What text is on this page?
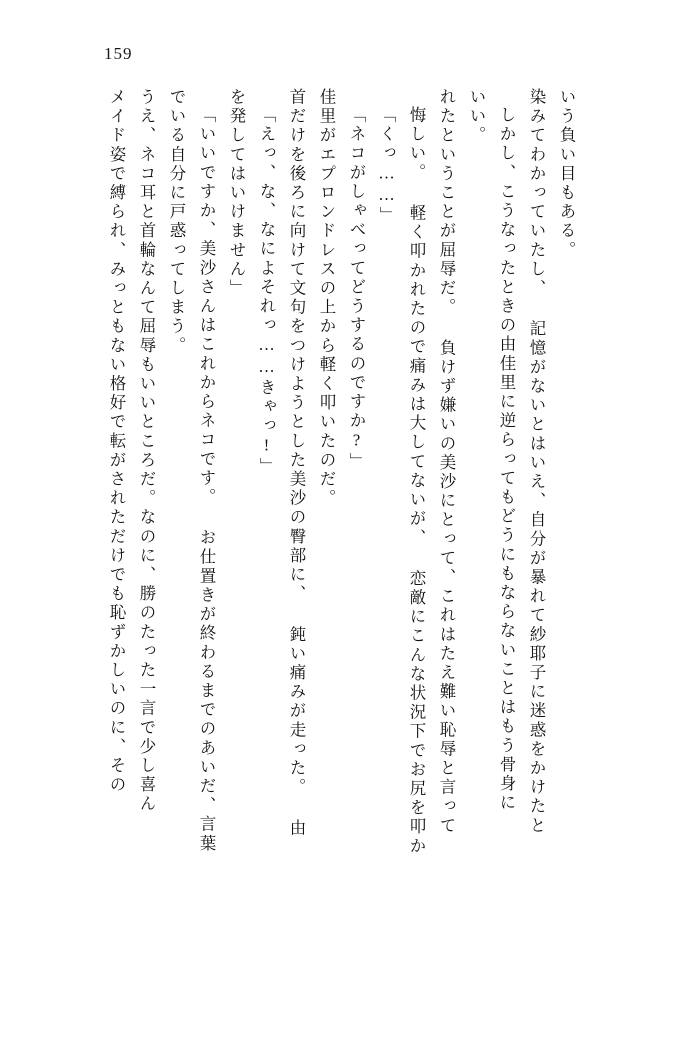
159
メイド姿で縛られ、みっともない格好で転がされただけでも恥ずかしいのに、その うえ、ネコ耳と首輪なんて屈辱もいいところだ。なのに、勝のたった一言で少し喜ん でいる自分に戸惑ってしまう。 「いいですか、美沙さんはこれからネコです。 お仕置きが終わるまでのあいだ、言葉 を発してはいけません」 「えっ、な、なによそれっ……きゃっ!」 首だけを後ろに向けて文句をつけようとした美沙の臀部に、 鈍い痛みが走った。 由 佳里がエプロンドレスの上から軽く叩いたのだ。 「ネコがしゃべってどうするのですか?」 「くっ……」 悔しい。 軽く叩かれたので痛みは大してないが、 恋敵にこんな状況下でお尻を叩か れたということが屈辱だ。 負けず嫌いの美沙にとって、これはたえ難い恥辱と言って いい。 しかし、こうなったときの由佳里に逆らってもどうにもならないことはもう骨身に 染みてわかっていたし、 記憶がないとはいえ、自分が暴れて紗耶子に迷惑をかけたと いう負い目もある。
